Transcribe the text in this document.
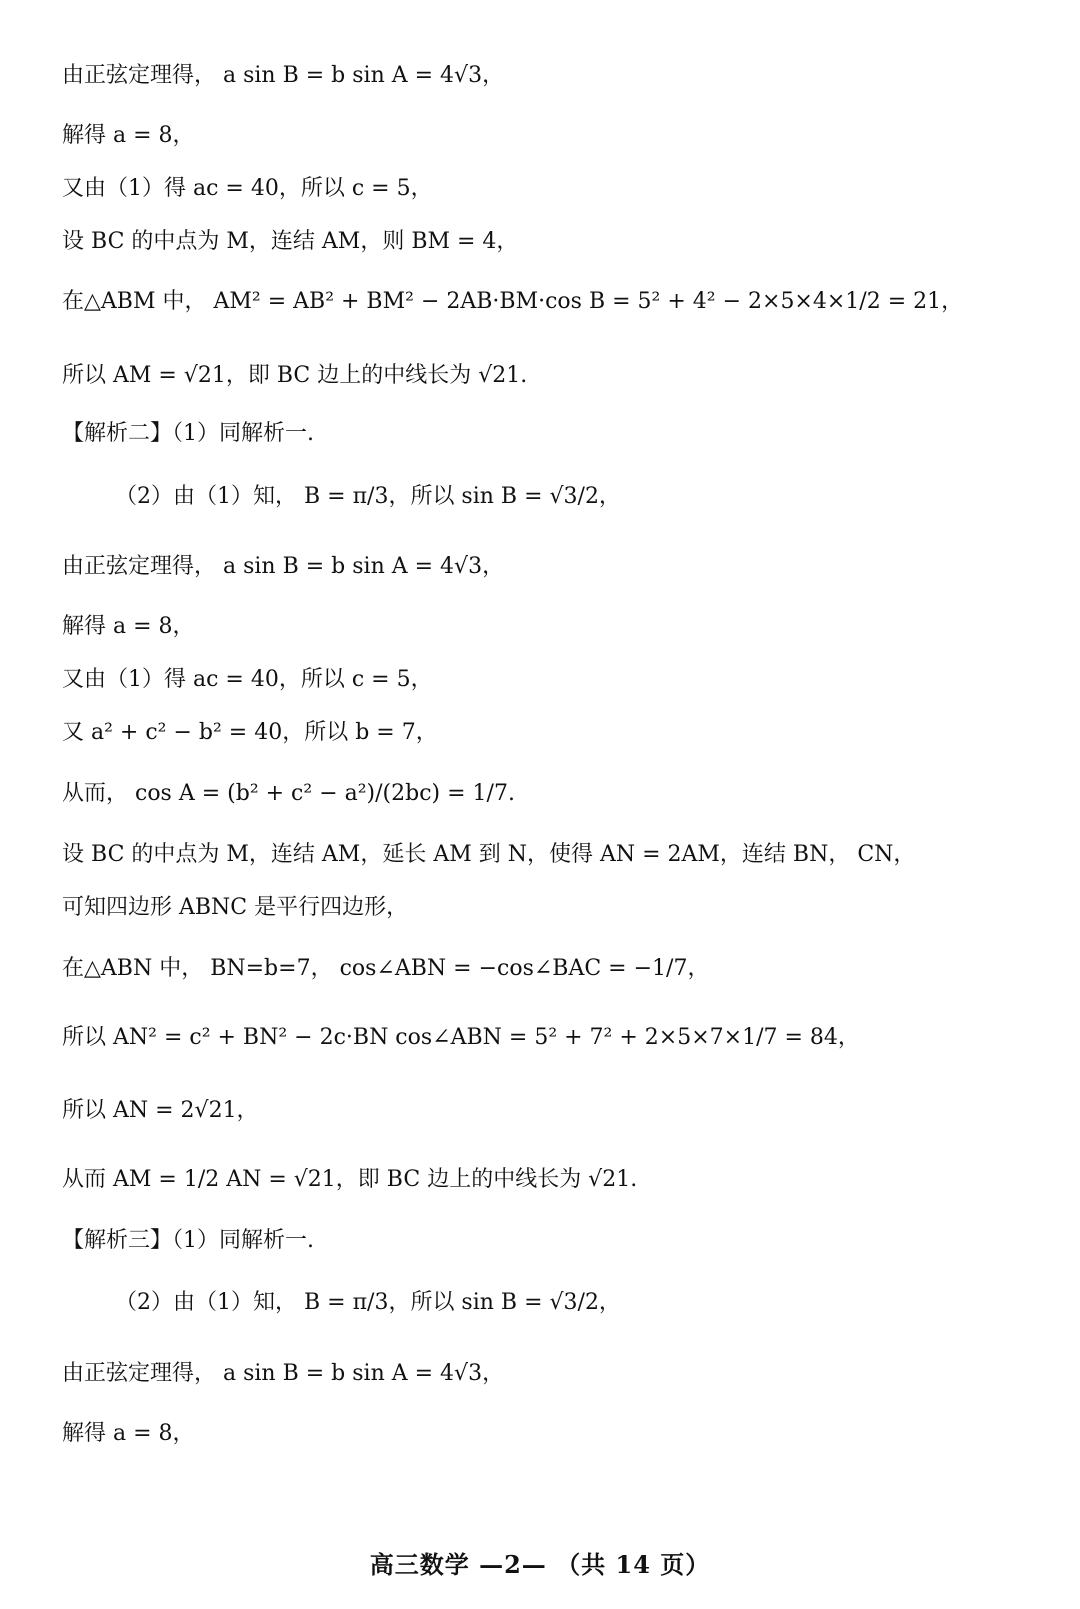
由正弦定理得， a sin B = b sin A = 4√3，
解得 a = 8，
又由（1）得 ac = 40，所以 c = 5，
设 BC 的中点为 M，连结 AM，则 BM = 4，
在△ABM 中， AM² = AB² + BM² − 2AB·BM·cos B = 5² + 4² − 2×5×4×1/2 = 21，
所以 AM = √21，即 BC 边上的中线长为 √21.
【解析二】（1）同解析一.
（2）由（1）知， B = π/3，所以 sin B = √3/2，
由正弦定理得， a sin B = b sin A = 4√3，
解得 a = 8，
又由（1）得 ac = 40，所以 c = 5，
又 a² + c² − b² = 40，所以 b = 7，
从而， cos A = (b² + c² − a²)/(2bc) = 1/7.
设 BC 的中点为 M，连结 AM，延长 AM 到 N，使得 AN = 2AM，连结 BN， CN，
可知四边形 ABNC 是平行四边形，
在△ABN 中， BN=b=7， cos∠ABN = −cos∠BAC = −1/7，
所以 AN² = c² + BN² − 2c·BN cos∠ABN = 5² + 7² + 2×5×7×1/7 = 84，
所以 AN = 2√21，
从而 AM = 1/2 AN = √21，即 BC 边上的中线长为 √21.
【解析三】（1）同解析一.
（2）由（1）知， B = π/3，所以 sin B = √3/2，
由正弦定理得， a sin B = b sin A = 4√3，
解得 a = 8，
高三数学 —2— （共 14 页）
